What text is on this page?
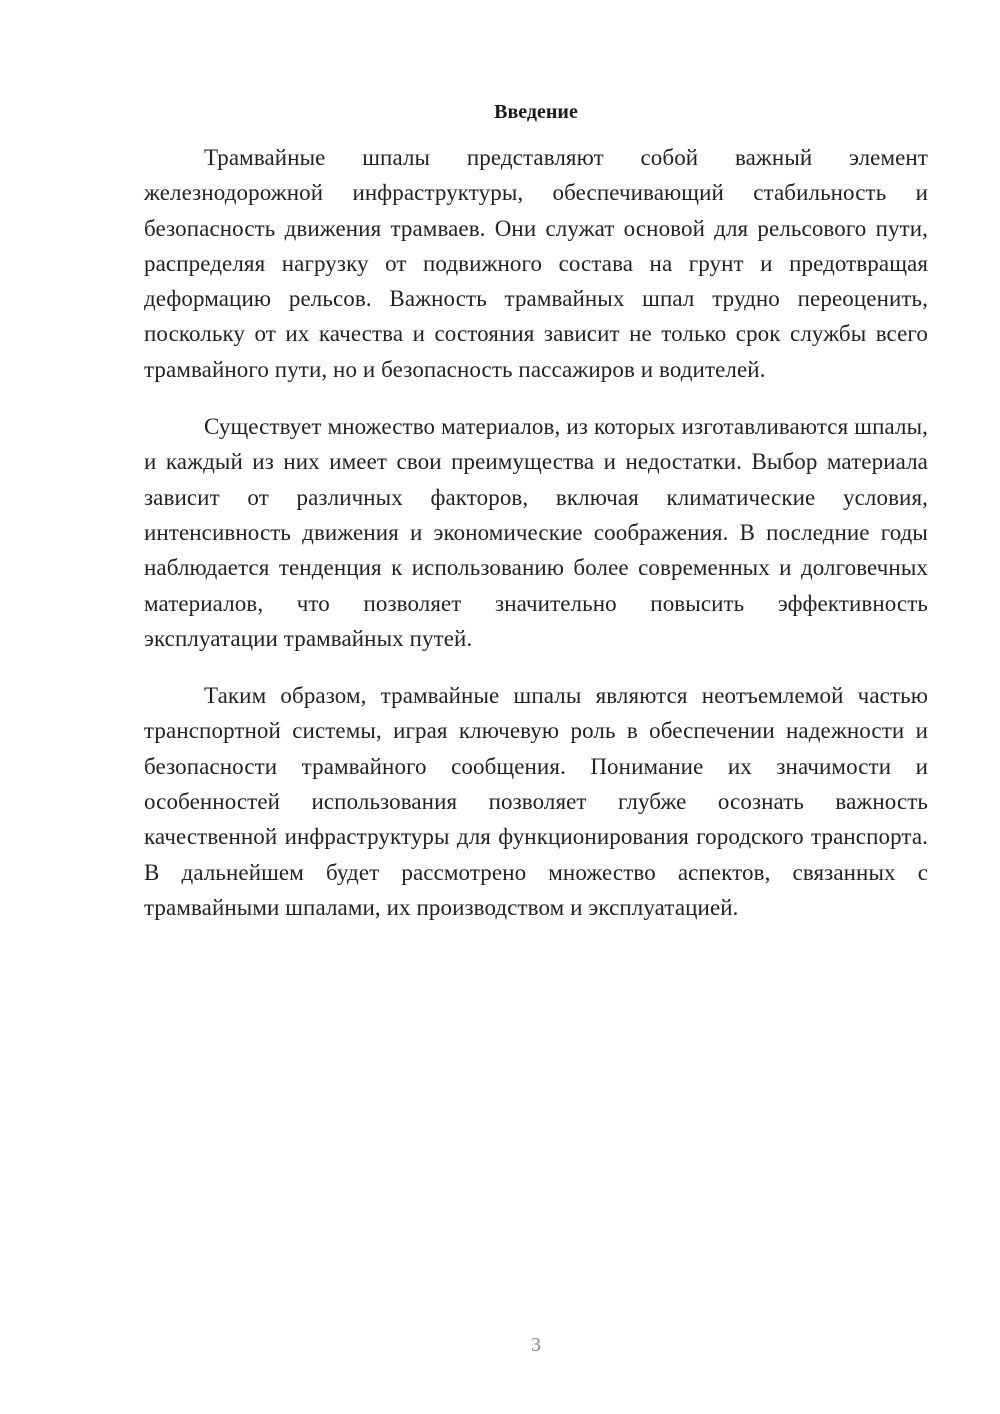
Введение

Трамвайные шпалы представляют собой важный элемент железнодорожной инфраструктуры, обеспечивающий стабильность и безопасность движения трамваев. Они служат основой для рельсового пути, распределяя нагрузку от подвижного состава на грунт и предотвращая деформацию рельсов. Важность трамвайных шпал трудно переоценить, поскольку от их качества и состояния зависит не только срок службы всего трамвайного пути, но и безопасность пассажиров и водителей.

Существует множество материалов, из которых изготавливаются шпалы, и каждый из них имеет свои преимущества и недостатки. Выбор материала зависит от различных факторов, включая климатические условия, интенсивность движения и экономические соображения. В последние годы наблюдается тенденция к использованию более современных и долговечных материалов, что позволяет значительно повысить эффективность эксплуатации трамвайных путей.

Таким образом, трамвайные шпалы являются неотъемлемой частью транспортной системы, играя ключевую роль в обеспечении надежности и безопасности трамвайного сообщения. Понимание их значимости и особенностей использования позволяет глубже осознать важность качественной инфраструктуры для функционирования городского транспорта. В дальнейшем будет рассмотрено множество аспектов, связанных с трамвайными шпалами, их производством и эксплуатацией.

3
